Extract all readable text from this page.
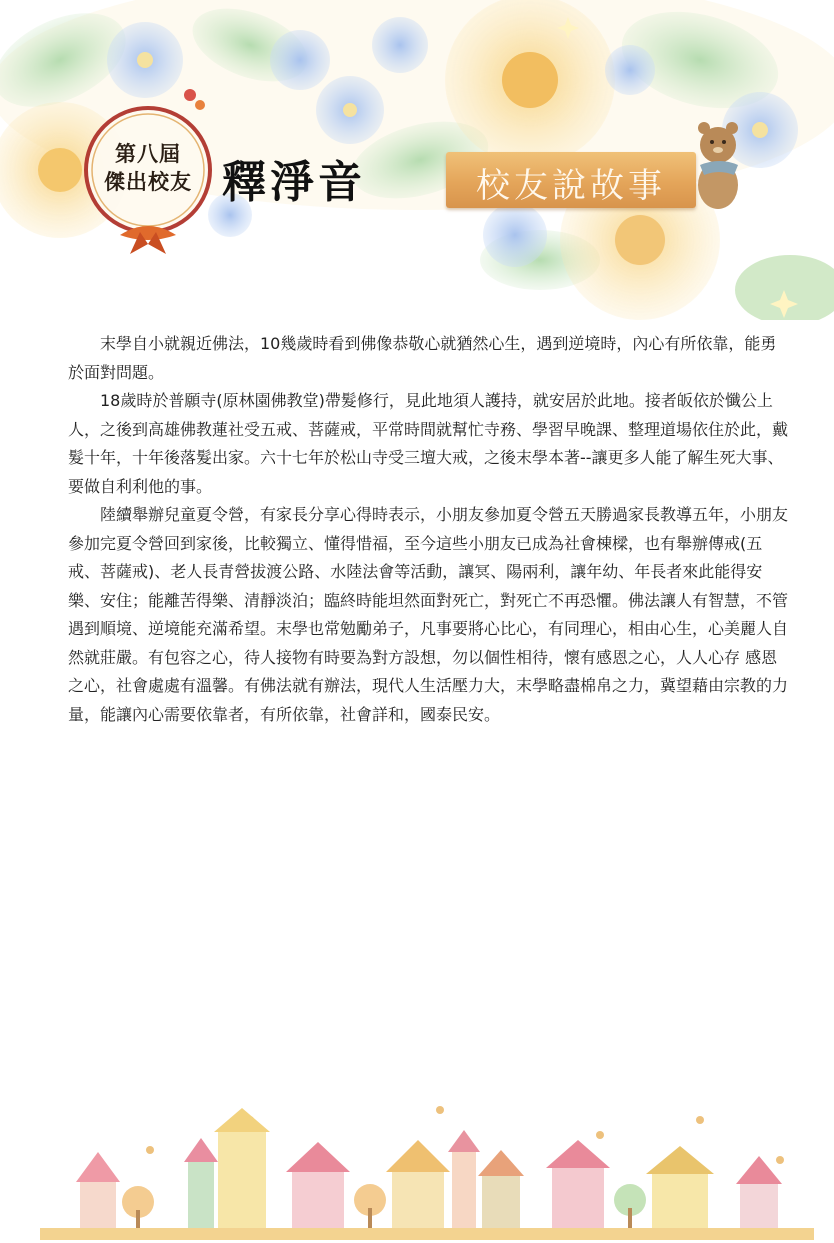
第八屆
傑出校友 釋淨音	校友說故事

末學自小就親近佛法，10幾歲時看到佛像恭敬心就猶然心生，遇到逆境時，內心有所依靠，能勇於面對問題。

18歲時於普願寺(原林園佛教堂)帶髮修行，見此地須人護持，就安居於此地。接者皈依於懺公上人，之後到高雄佛教蓮社受五戒、菩薩戒，平常時間就幫忙寺務、學習早晚課、整理道場依住於此，戴髮十年，十年後落髮出家。六十七年於松山寺受三壇大戒，之後末學本著--讓更多人能了解生死大事、要做自利利他的事。

陸續舉辦兒童夏令營，有家長分享心得時表示，小朋友參加夏令營五天勝過家長教導五年，小朋友參加完夏令營回到家後，比較獨立、懂得惜福，至今這些小朋友已成為社會棟樑，也有舉辦傳戒(五戒、菩薩戒)、老人長青營拔渡公路、水陸法會等活動，讓冥、陽兩利，讓年幼、年長者來此能得安樂、安住；能離苦得樂、清靜淡泊；臨終時能坦然面對死亡，對死亡不再恐懼。佛法讓人有智慧，不管遇到順境、逆境能充滿希望。末學也常勉勵弟子，凡事要將心比心，有同理心，相由心生，心美麗人自然就莊嚴。有包容之心，待人接物有時要為對方設想，勿以個性相待，懷有感恩之心，人人心存 感恩之心，社會處處有溫馨。有佛法就有辦法，現代人生活壓力大，末學略盡棉帛之力，冀望藉由宗教的力量，能讓內心需要依靠者，有所依靠，社會詳和，國泰民安。
